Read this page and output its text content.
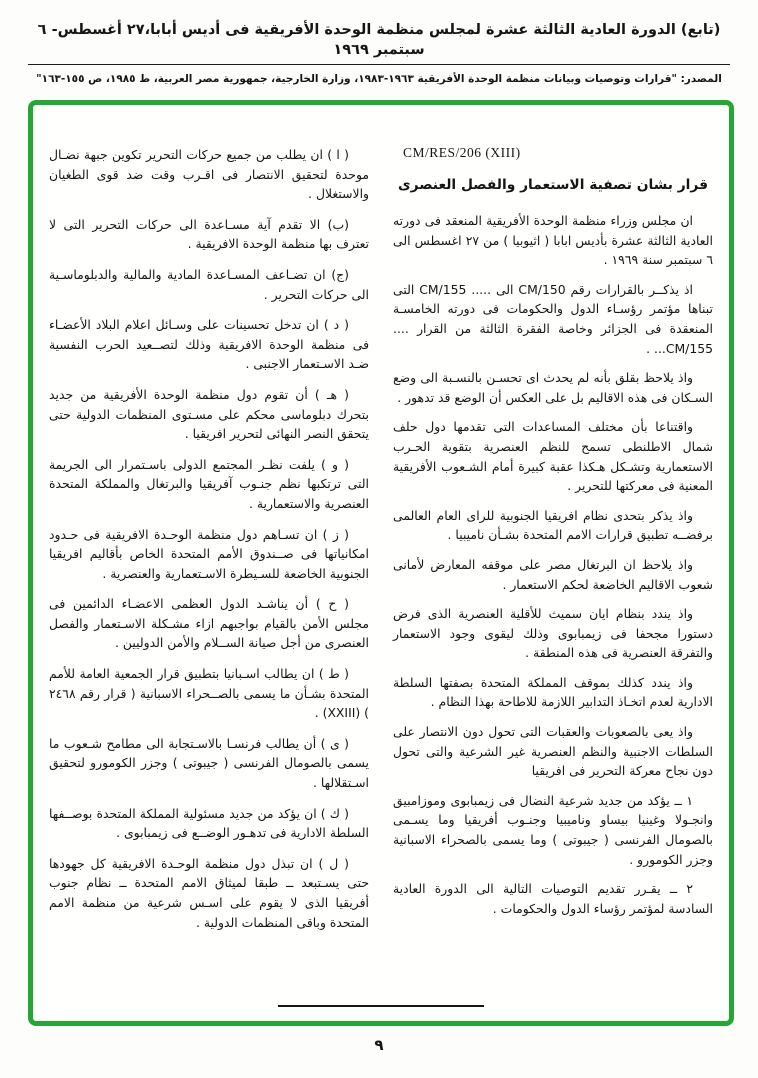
(تابع) الدورة العادية الثالثة عشرة لمجلس منظمة الوحدة الأفريقية فى أديس أبابا،٢٧ أغسطس- ٦ سبتمبر ١٩٦٩
المصدر: "قرارات وتوصيات وبيانات منظمة الوحدة الأفريقية ١٩٦٣-١٩٨٣، وزارة الخارجية، جمهورية مصر العربية، ط ١٩٨٥، ص ١٥٥-١٦٣"
CM/RES/206 (XIII)
قرار بشان تصفية الاستعمار والفصل العنصرى
ان مجلس وزراء منظمة الوحدة الأفريقية المنعقد فى دورته العادية الثالثة عشرة بأديس ابابا ( اثيوبيا ) من ٢٧ اغسطس الى ٦ سبتمبر سنة ١٩٦٩ .
اذ يذكــر بالقرارات رقم CM/150 الى ..... CM/155 التى تبناها مؤتمر رؤسـاء الدول والحكومات فى دورته الخامسـة المنعقدة فى الجزائر وخاصة الفقرة الثالثة من القرار .... CM/155... .
واذ يلاحظ بقلق بأنه لم يحدث اى تحسـن بالنسـبة الى وضع السـكان فى هذه الاقاليم بل على العكس أن الوضع قد تدهور .
واقتناعا بأن مختلف المساعدات التى تقدمها دول حلف شمال الاطلنطى تسمح للنظم العنصرية بتقوية الحـرب الاستعمارية وتشـكل هـكذا عقبة كبيرة أمام الشـعوب الأفريقية المعنية فى معركتها للتحرير .
واذ يذكر بتحدى نظام افريقيا الجنوبية للراى العام العالمى برفضــه تطبيق قرارات الامم المتحدة بشـأن ناميبيا .
واذ يلاحظ ان البرتغال مصر على موقفه المعارض لأمانى شعوب الاقاليم الخاضعة لحكم الاستعمار .
واذ يندد بنظام ايان سميث للأقلية العنصرية الذى فرض دستورا مجحفا فى زيمبابوى وذلك ليقوى وجود الاستعمار والتفرقة العنصرية فى هذه المنطقة .
واذ يندد كذلك بموقف المملكة المتحدة بصفتها السلطة الادارية لعدم اتخـاذ التدابير اللازمة للاطاحة بهذا النظام .
واذ يعى بالصعوبات والعقبات التى تحول دون الانتصار على السلطات الاجنبية والنظم العنصرية غير الشرعية والتى تحول دون نجاح معركة التحرير فى افريقيا
١ ــ يؤكد من جديد شرعية النضال فى زيمبابوى وموزامبيق وانجـولا وغينيا بيساو وناميبيا وجنـوب أفريقيا وما يسـمى بالصومال الفرنسى ( جيبوتى ) وما يسمى بالصحراء الاسبانية وجزر الكومورو .
٢ ــ يقـرر تقديم التوصيات التالية الى الدورة العادية السادسة لمؤتمر رؤساء الدول والحكومات .
( ا ) ان يطلب من جميع حركات التحرير تكوين جبهة نضـال موحدة لتحقيق الانتصار فى اقـرب وقت ضد قوى الطغيان والاستغلال .
(ب) الا تقدم آية مسـاعدة الى حركات التحرير التى لا تعترف بها منظمة الوحدة الافريقية .
(ج) ان تضـاعف المسـاعدة المادية والمالية والدبلوماسـية الى حركات التحرير .
( د ) ان تدخل تحسينات على وسـائل اعلام البلاد الأعضـاء فى منظمة الوحدة الافريقية وذلك لتصــعيد الحرب النفسية ضـد الاسـتعمار الاجنبى .
( هـ ) أن تقوم دول منظمة الوحدة الأفريقية من جديد بتحرك دبلوماسى محكم على مسـتوى المنظمات الدولية حتى يتحقق النصر النهائى لتحرير افريقيا .
( و ) يلفت نظـر المجتمع الدولى باسـتمرار الى الجريمة التى ترتكبها نظم جنـوب آفريقيا والبرتغال والمملكة المتحدة العنصرية والاستعمارية .
( ز ) ان تسـاهم دول منظمة الوحـدة الافريقية فى حـدود امكانياتها فى صــندوق الأمم المتحدة الخاص بأقاليم افريقيا الجنوبية الخاضعة للسـيطرة الاسـتعمارية والعنصرية .
( ح ) أن يناشـد الدول العظمى الاعضـاء الدائمين فى مجلس الأمن بالقيام بواجبهم ازاء مشـكلة الاسـتعمار والفصل العنصرى من أجل صيانة الســلام والأمن الدوليين .
( ط ) ان يطالب اسـبانيا بتطبيق قرار الجمعية العامة للأمم المتحدة بشـأن ما يسمى بالصــحراء الاسبانية ( قرار رقم ٢٤٦٨ ) (XXIII) .
( ى ) أن يطالب فرنسـا بالاسـتجابة الى مطامح شـعوب ما يسمى بالصومال الفرنسى ( جيبوتى ) وجزر الكومورو لتحقيق اسـتقلالها .
( ك ) ان يؤكد من جديد مسئولية المملكة المتحدة بوصــفها السلطة الادارية فى تدهـور الوضــع فى زيمبابوى .
( ل ) ان تبذل دول منظمة الوحـدة الافريقية كل جهودها حتى يسـتبعد ــ طبقا لميثاق الامم المتحدة ــ نظام جنوب أفريقيا الذى لا يقوم على اسـس شرعية من منظمة الامم المتحدة وباقى المنظمات الدولية .
٩
